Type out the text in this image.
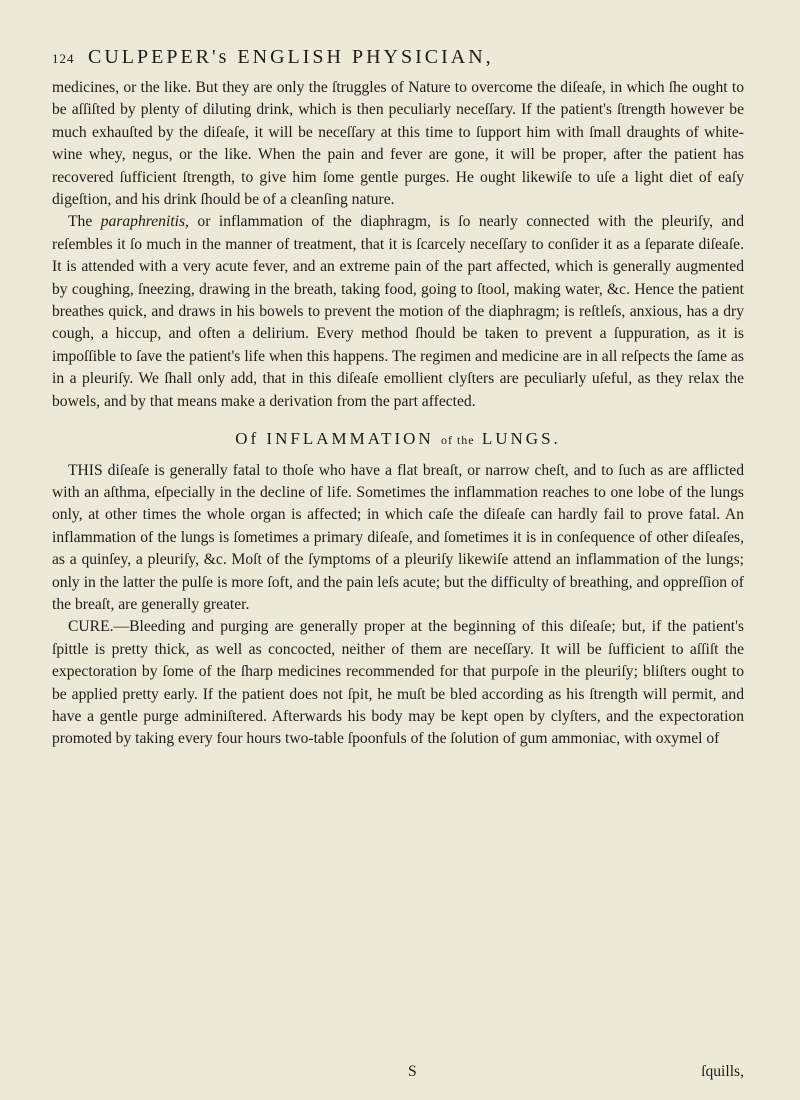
124 CULPEPER's ENGLISH PHYSICIAN,

medicines, or the like. But they are only the ſtruggles of Nature to overcome the diſeaſe, in which ſhe ought to be aſſiſted by plenty of diluting drink, which is then peculiarly neceſſary. If the patient's ſtrength however be much exhauſted by the diſeaſe, it will be neceſſary at this time to ſupport him with ſmall draughts of white-wine whey, negus, or the like. When the pain and fever are gone, it will be proper, after the patient has recovered ſufficient ſtrength, to give him ſome gentle purges. He ought likewiſe to uſe a light diet of eaſy digeſtion, and his drink ſhould be of a cleanſing nature.

The paraphrenitis, or inflammation of the diaphragm, is ſo nearly connected with the pleuriſy, and reſembles it ſo much in the manner of treatment, that it is ſcarcely neceſſary to conſider it as a ſeparate diſeaſe. It is attended with a very acute fever, and an extreme pain of the part affected, which is generally augmented by coughing, ſneezing, drawing in the breath, taking food, going to ſtool, making water, &c. Hence the patient breathes quick, and draws in his bowels to prevent the motion of the diaphragm; is reſtleſs, anxious, has a dry cough, a hiccup, and often a delirium. Every method ſhould be taken to prevent a ſuppuration, as it is impoſſible to ſave the patient's life when this happens. The regimen and medicine are in all reſpects the ſame as in a pleuriſy. We ſhall only add, that in this diſeaſe emollient clyſters are peculiarly uſeful, as they relax the bowels, and by that means make a derivation from the part affected.

Of INFLAMMATION of the LUNGS.

THIS diſeaſe is generally fatal to thoſe who have a flat breaſt, or narrow cheſt, and to ſuch as are afflicted with an aſthma, eſpecially in the decline of life. Sometimes the inflammation reaches to one lobe of the lungs only, at other times the whole organ is affected; in which caſe the diſeaſe can hardly fail to prove fatal. An inflammation of the lungs is ſometimes a primary diſeaſe, and ſometimes it is in conſequence of other diſeaſes, as a quinſey, a pleuriſy, &c. Moſt of the ſymptoms of a pleuriſy likewiſe attend an inflammation of the lungs; only in the latter the pulſe is more ſoft, and the pain leſs acute; but the difficulty of breathing, and oppreſſion of the breaſt, are generally greater.

CURE.—Bleeding and purging are generally proper at the beginning of this diſeaſe; but, if the patient's ſpittle is pretty thick, as well as concocted, neither of them are neceſſary. It will be ſufficient to aſſiſt the expectoration by ſome of the ſharp medicines recommended for that purpoſe in the pleuriſy; bliſters ought to be applied pretty early. If the patient does not ſpit, he muſt be bled according as his ſtrength will permit, and have a gentle purge adminiſtered. Afterwards his body may be kept open by clyſters, and the expectoration promoted by taking every four hours two-table ſpoonfuls of the ſolution of gum ammoniac, with oxymel of

S	ſquills,
